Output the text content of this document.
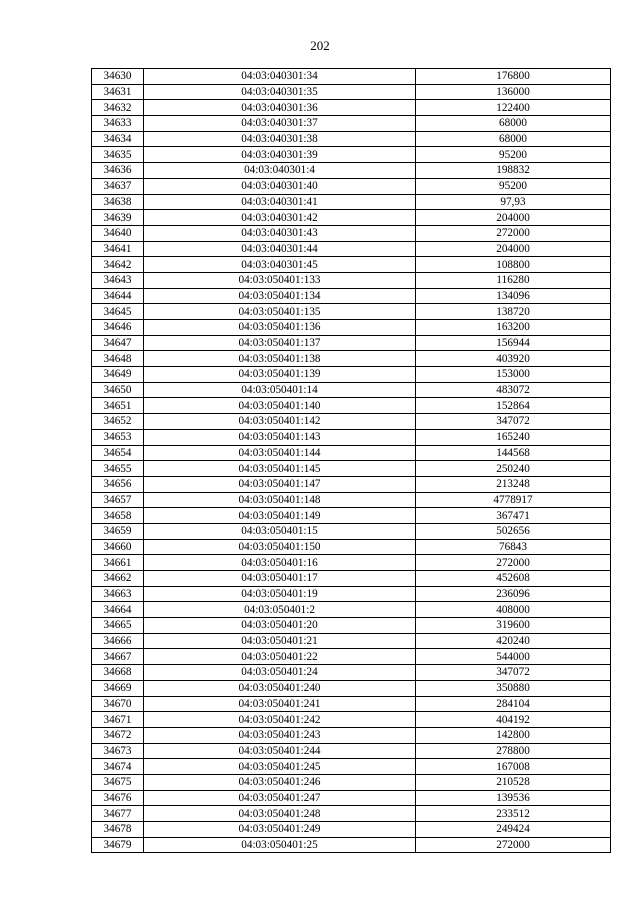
202
34630	04:03:040301:34	176800
34631	04:03:040301:35	136000
34632	04:03:040301:36	122400
34633	04:03:040301:37	68000
34634	04:03:040301:38	68000
34635	04:03:040301:39	95200
34636	04:03:040301:4	198832
34637	04:03:040301:40	95200
34638	04:03:040301:41	97,93
34639	04:03:040301:42	204000
34640	04:03:040301:43	272000
34641	04:03:040301:44	204000
34642	04:03:040301:45	108800
34643	04:03:050401:133	116280
34644	04:03:050401:134	134096
34645	04:03:050401:135	138720
34646	04:03:050401:136	163200
34647	04:03:050401:137	156944
34648	04:03:050401:138	403920
34649	04:03:050401:139	153000
34650	04:03:050401:14	483072
34651	04:03:050401:140	152864
34652	04:03:050401:142	347072
34653	04:03:050401:143	165240
34654	04:03:050401:144	144568
34655	04:03:050401:145	250240
34656	04:03:050401:147	213248
34657	04:03:050401:148	4778917
34658	04:03:050401:149	367471
34659	04:03:050401:15	502656
34660	04:03:050401:150	76843
34661	04:03:050401:16	272000
34662	04:03:050401:17	452608
34663	04:03:050401:19	236096
34664	04:03:050401:2	408000
34665	04:03:050401:20	319600
34666	04:03:050401:21	420240
34667	04:03:050401:22	544000
34668	04:03:050401:24	347072
34669	04:03:050401:240	350880
34670	04:03:050401:241	284104
34671	04:03:050401:242	404192
34672	04:03:050401:243	142800
34673	04:03:050401:244	278800
34674	04:03:050401:245	167008
34675	04:03:050401:246	210528
34676	04:03:050401:247	139536
34677	04:03:050401:248	233512
34678	04:03:050401:249	249424
34679	04:03:050401:25	272000
